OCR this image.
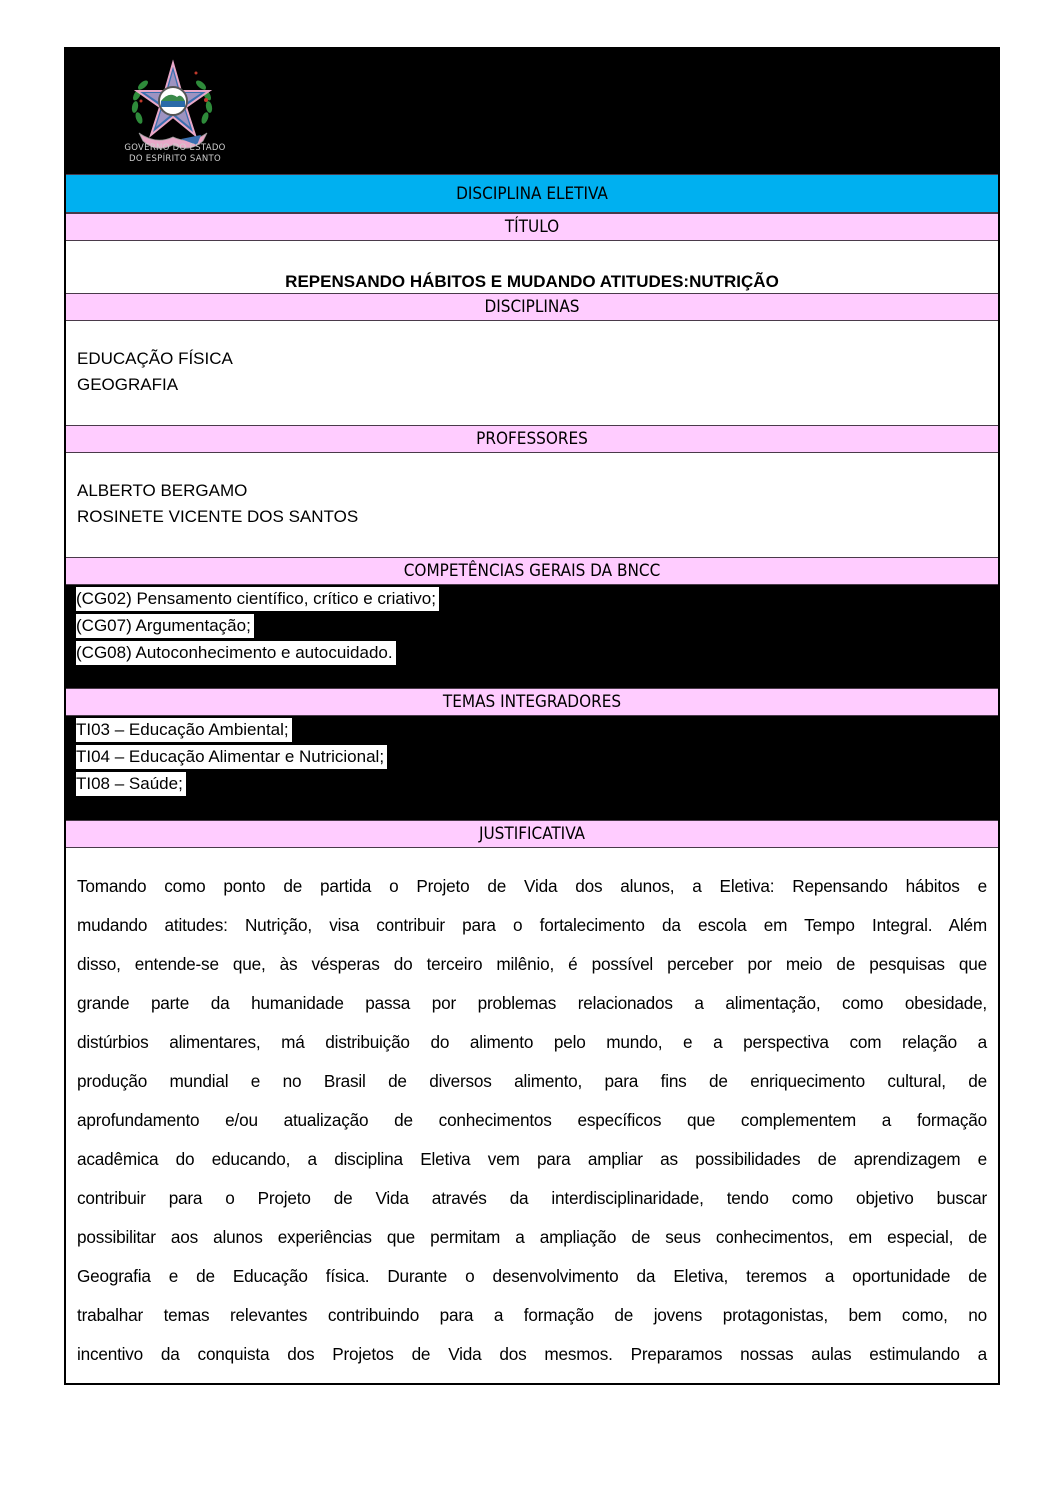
GOVERNO DO ESTADO
DO ESPÍRITO SANTO
DISCIPLINA ELETIVA
TÍTULO
REPENSANDO HÁBITOS E MUDANDO ATITUDES:NUTRIÇÃO
DISCIPLINAS
EDUCAÇÃO FÍSICA
GEOGRAFIA
PROFESSORES
ALBERTO BERGAMO
ROSINETE VICENTE DOS SANTOS
COMPETÊNCIAS GERAIS DA BNCC
(CG02) Pensamento científico, crítico e criativo;
(CG07) Argumentação;
(CG08) Autoconhecimento e autocuidado.
TEMAS INTEGRADORES
TI03 – Educação Ambiental;
TI04 – Educação Alimentar e Nutricional;
TI08 – Saúde;
JUSTIFICATIVA
Tomando como ponto de partida o Projeto de Vida dos alunos, a Eletiva: Repensando hábitos e
mudando atitudes: Nutrição, visa contribuir para o fortalecimento da escola em Tempo Integral. Além
disso, entende-se que, às vésperas do terceiro milênio, é possível perceber por meio de pesquisas que
grande parte da humanidade passa por problemas relacionados a alimentação, como obesidade,
distúrbios alimentares, má distribuição do alimento pelo mundo, e a perspectiva com relação a
produção mundial e no Brasil de diversos alimento, para fins de enriquecimento cultural, de
aprofundamento e/ou atualização de conhecimentos específicos que complementem a formação
acadêmica do educando, a disciplina Eletiva vem para ampliar as possibilidades de aprendizagem e
contribuir para o Projeto de Vida através da interdisciplinaridade, tendo como objetivo buscar
possibilitar aos alunos experiências que permitam a ampliação de seus conhecimentos, em especial, de
Geografia e de Educação física. Durante o desenvolvimento da Eletiva, teremos a oportunidade de
trabalhar temas relevantes contribuindo para a formação de jovens protagonistas, bem como, no
incentivo da conquista dos Projetos de Vida dos mesmos. Preparamos nossas aulas estimulando a
